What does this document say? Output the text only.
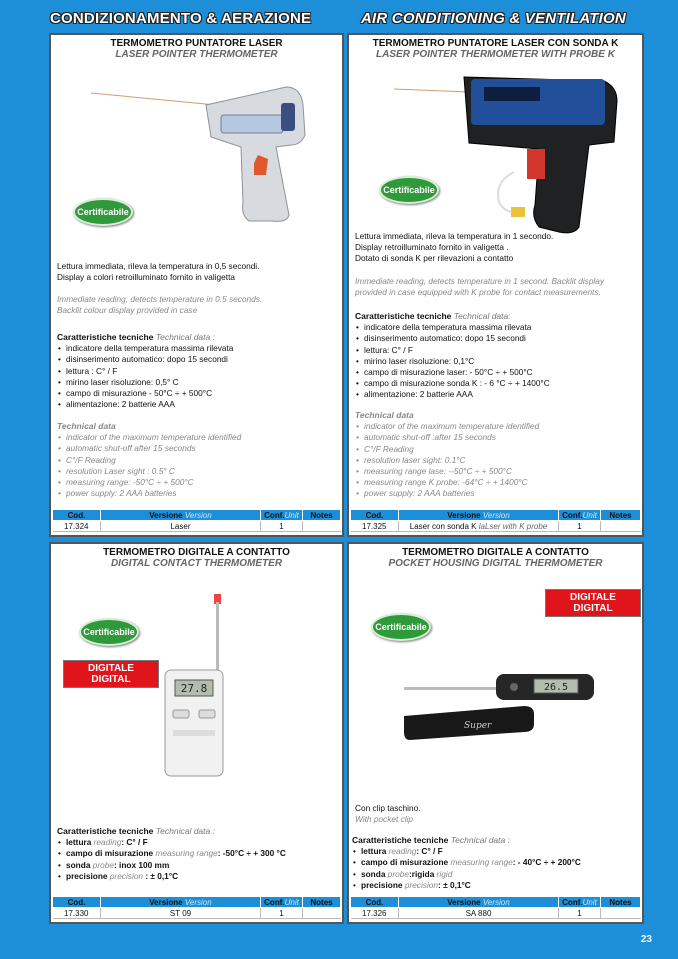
CONDIZIONAMENTO & AERAZIONE	AIR CONDITIONING & VENTILATION
TERMOMETRO PUNTATORE LASER
LASER POINTER THERMOMETER
Certificabile
Lettura immediata, rileva la temperatura in 0,5 secondi.
Display a colori retroilluminato fornito in valigetta
Immediate reading, detects temperature in 0.5 seconds.
Backlit colour display provided in case
Caratteristiche tecniche Technical data :
• indicatore della temperatura massima rilevata
• disinserimento automatico: dopo 15 secondi
• lettura : C° / F
• mirino laser risoluzione: 0,5° C
• campo di misurazione - 50°C ÷ + 500°C
• alimentazione: 2 batterie AAA
Technical data
• indicator of the maximum temperature identified
• automatic shut-off after 15 seconds
• C°/F Reading
• resolution Laser sight : 0.5° C
• measuring range: -50°C ÷ + 500°C
• power supply: 2 AAA batteries
Cod.	Versione Version	Conf.Unit	Notes
17.324	Laser	1	
TERMOMETRO PUNTATORE LASER CON SONDA K
LASER POINTER THERMOMETER WITH PROBE K
Certificabile
Lettura immediata, rileva la temperatura in 1 secondo.
Display retroilluminato fornito in valigetta .
Dotato di sonda K per rilevazioni a contatto
Immediate reading, detects temperature in 1 second. Backlit display
provided in case equipped with K probe for contact measurements.
Caratteristiche tecniche Technical data:
• indicatore della temperatura massima rilevata
• disinserimento automatico: dopo 15 secondi
• lettura: C° / F
• mirino laser risoluzione: 0,1°C
• campo di misurazione laser: - 50°C ÷ + 500°C
• campo di misurazione sonda K : - 6 °C ÷ + 1400°C
• alimentazione: 2 batterie AAA
Technical data
• indicator of the maximum temperature identified
• automatic shut-off :after 15 seconds
• C°/F Reading
• resolution laser sight: 0.1°C
• measuring range lase: --50°C ÷ + 500°C
• measuring range K probe: -64°C ÷ + 1400°C
• power supply: 2 AAA batteries
Cod.	Versione Version	Conf.Unit	Notes
17.325	Laser con sonda K laLser with K probe	1	
TERMOMETRO DIGITALE A CONTATTO
DIGITAL CONTACT THERMOMETER
27.8
Certificabile
DIGITALE
DIGITAL
Caratteristiche tecniche Technical data :
• lettura reading: C° / F
• campo di misurazione measuring range: -50°C ÷ + 300 °C
• sonda probe: inox 100 mm
• precisione precision : ± 0,1°C
Cod.	Versione Version	Conf.Unit	Notes
17.330	ST 09	1	
TERMOMETRO DIGITALE A CONTATTO
POCKET HOUSING DIGITAL THERMOMETER
DIGITALE
DIGITAL
Certificabile
26.5
Super
Con clip taschino.
With pocket clip
Caratteristiche tecniche Technical data :
• lettura reading: C° / F
• campo di misurazione measuring range: - 40°C ÷ + 200°C
• sonda probe:rigida rigid
• precisione precision: ± 0,1°C
Cod.	Versione Version	Conf.Unit	Notes
17.326	SA 880	1	
23
